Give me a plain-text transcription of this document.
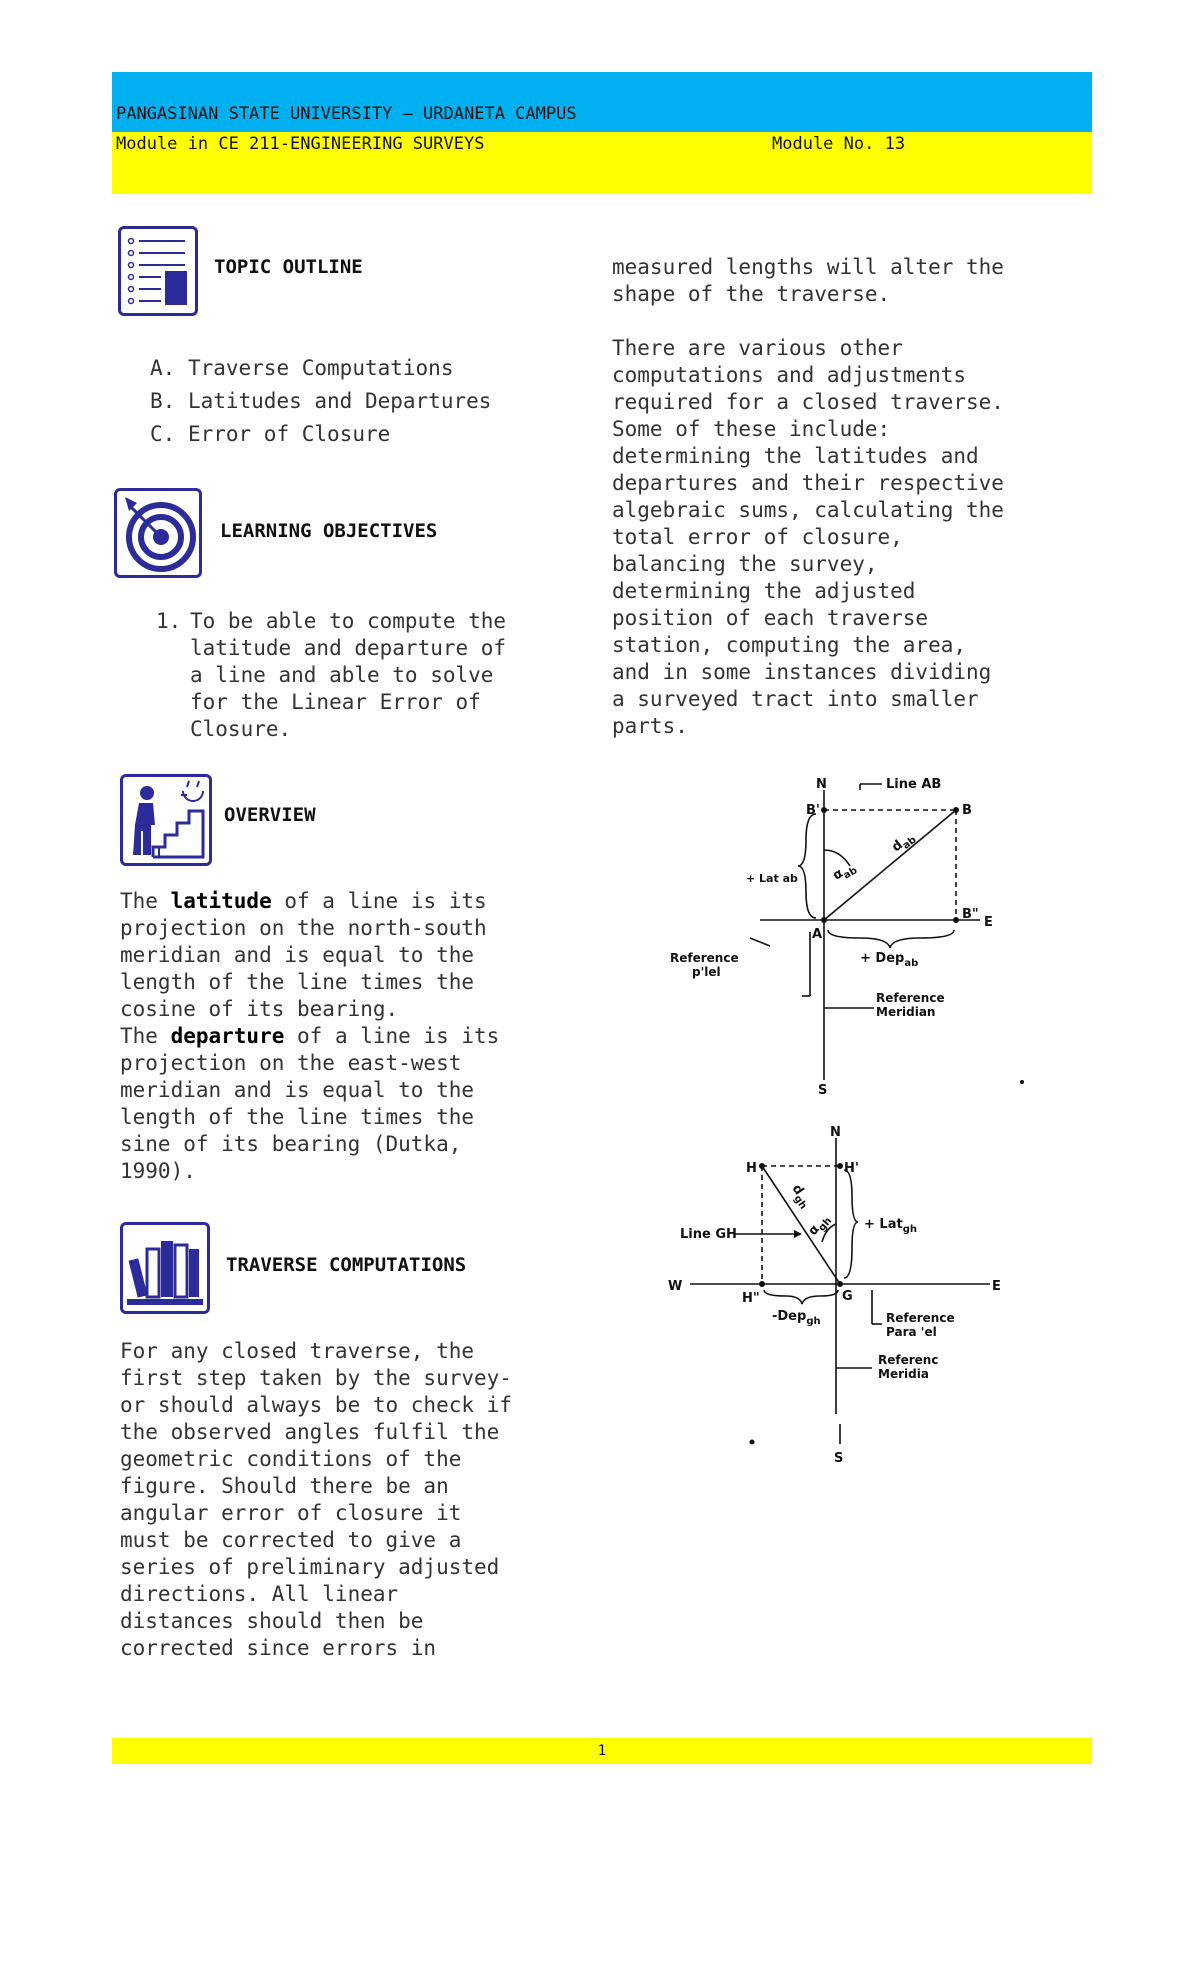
PANGASINAN STATE UNIVERSITY – URDANETA CAMPUS
Module in CE 211-ENGINEERING SURVEYS	Module No. 13
TOPIC OUTLINE
A. Traverse Computations
B. Latitudes and Departures
C. Error of Closure
LEARNING OBJECTIVES
1. To be able to compute the
latitude and departure of
a line and able to solve
for the Linear Error of
Closure.
OVERVIEW
The latitude of a line is its
projection on the north-south
meridian and is equal to the
length of the line times the
cosine of its bearing.
The departure of a line is its
projection on the east-west
meridian and is equal to the
length of the line times the
sine of its bearing (Dutka,
1990).
TRAVERSE COMPUTATIONS
For any closed traverse, the
first step taken by the survey-
or should always be to check if
the observed angles fulfil the
geometric conditions of the
figure. Should there be an
angular error of closure it
must be corrected to give a
series of preliminary adjusted
directions. All linear
distances should then be
corrected since errors in
measured lengths will alter the
shape of the traverse.
There are various other
computations and adjustments
required for a closed traverse.
Some of these include:
determining the latitudes and
departures and their respective
algebraic sums, calculating the
total error of closure,
balancing the survey,
determining the adjusted
position of each traverse
station, computing the area,
and in some instances dividing
a surveyed tract into smaller
parts.
N	Line AB
B'	B
B"
E
A
S
$d_{ab}$
$\alpha_{ab}$
+ Lat ab
+ Dep$_{ab}$
Reference
p'lel
Reference
Meridian
N
H	H'
W	E
H"	G
S
Line GH
$d_{gh}$
$\alpha_{gh} + Lat_{gh}$
-Dep$_{gh}$	Reference
Para 'el
Referenc
Meridia
1
